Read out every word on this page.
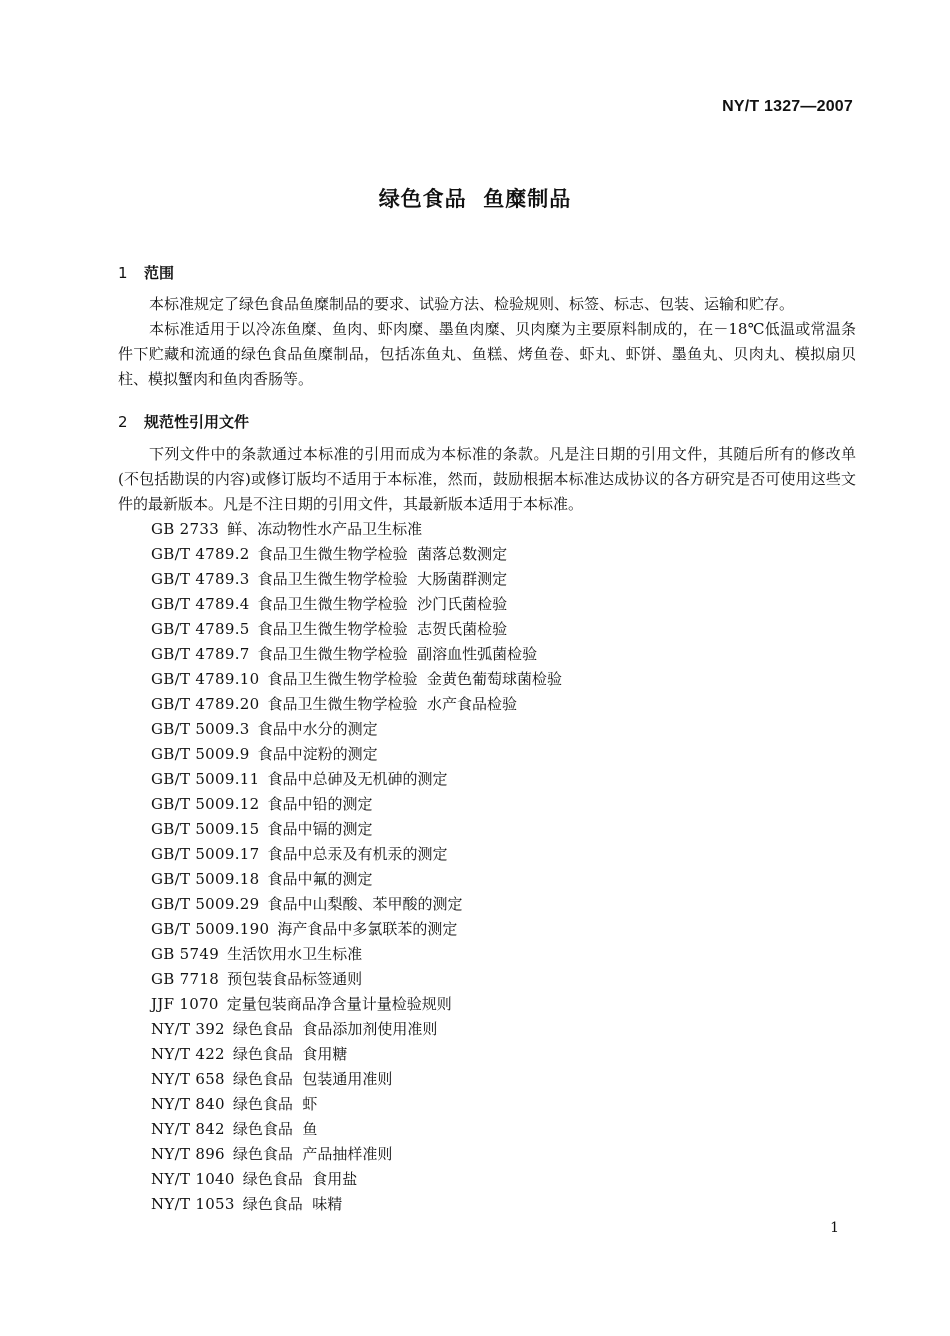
NY/T 1327—2007
绿色食品  鱼糜制品
1 范围
本标准规定了绿色食品鱼糜制品的要求、试验方法、检验规则、标签、标志、包装、运输和贮存。
本标准适用于以冷冻鱼糜、鱼肉、虾肉糜、墨鱼肉糜、贝肉糜为主要原料制成的，在－18℃低温或常温条件下贮藏和流通的绿色食品鱼糜制品，包括冻鱼丸、鱼糕、烤鱼卷、虾丸、虾饼、墨鱼丸、贝肉丸、模拟扇贝柱、模拟蟹肉和鱼肉香肠等。
2 规范性引用文件
下列文件中的条款通过本标准的引用而成为本标准的条款。凡是注日期的引用文件，其随后所有的修改单(不包括勘误的内容)或修订版均不适用于本标准，然而，鼓励根据本标准达成协议的各方研究是否可使用这些文件的最新版本。凡是不注日期的引用文件，其最新版本适用于本标准。
GB 2733 鲜、冻动物性水产品卫生标准
GB/T 4789.2 食品卫生微生物学检验  菌落总数测定
GB/T 4789.3 食品卫生微生物学检验  大肠菌群测定
GB/T 4789.4 食品卫生微生物学检验  沙门氏菌检验
GB/T 4789.5 食品卫生微生物学检验  志贺氏菌检验
GB/T 4789.7 食品卫生微生物学检验  副溶血性弧菌检验
GB/T 4789.10 食品卫生微生物学检验  金黄色葡萄球菌检验
GB/T 4789.20 食品卫生微生物学检验  水产食品检验
GB/T 5009.3 食品中水分的测定
GB/T 5009.9 食品中淀粉的测定
GB/T 5009.11 食品中总砷及无机砷的测定
GB/T 5009.12 食品中铅的测定
GB/T 5009.15 食品中镉的测定
GB/T 5009.17 食品中总汞及有机汞的测定
GB/T 5009.18 食品中氟的测定
GB/T 5009.29 食品中山梨酸、苯甲酸的测定
GB/T 5009.190 海产食品中多氯联苯的测定
GB 5749 生活饮用水卫生标准
GB 7718 预包装食品标签通则
JJF 1070 定量包装商品净含量计量检验规则
NY/T 392 绿色食品  食品添加剂使用准则
NY/T 422 绿色食品  食用糖
NY/T 658 绿色食品  包装通用准则
NY/T 840 绿色食品  虾
NY/T 842 绿色食品  鱼
NY/T 896 绿色食品  产品抽样准则
NY/T 1040 绿色食品  食用盐
NY/T 1053 绿色食品  味精
1
